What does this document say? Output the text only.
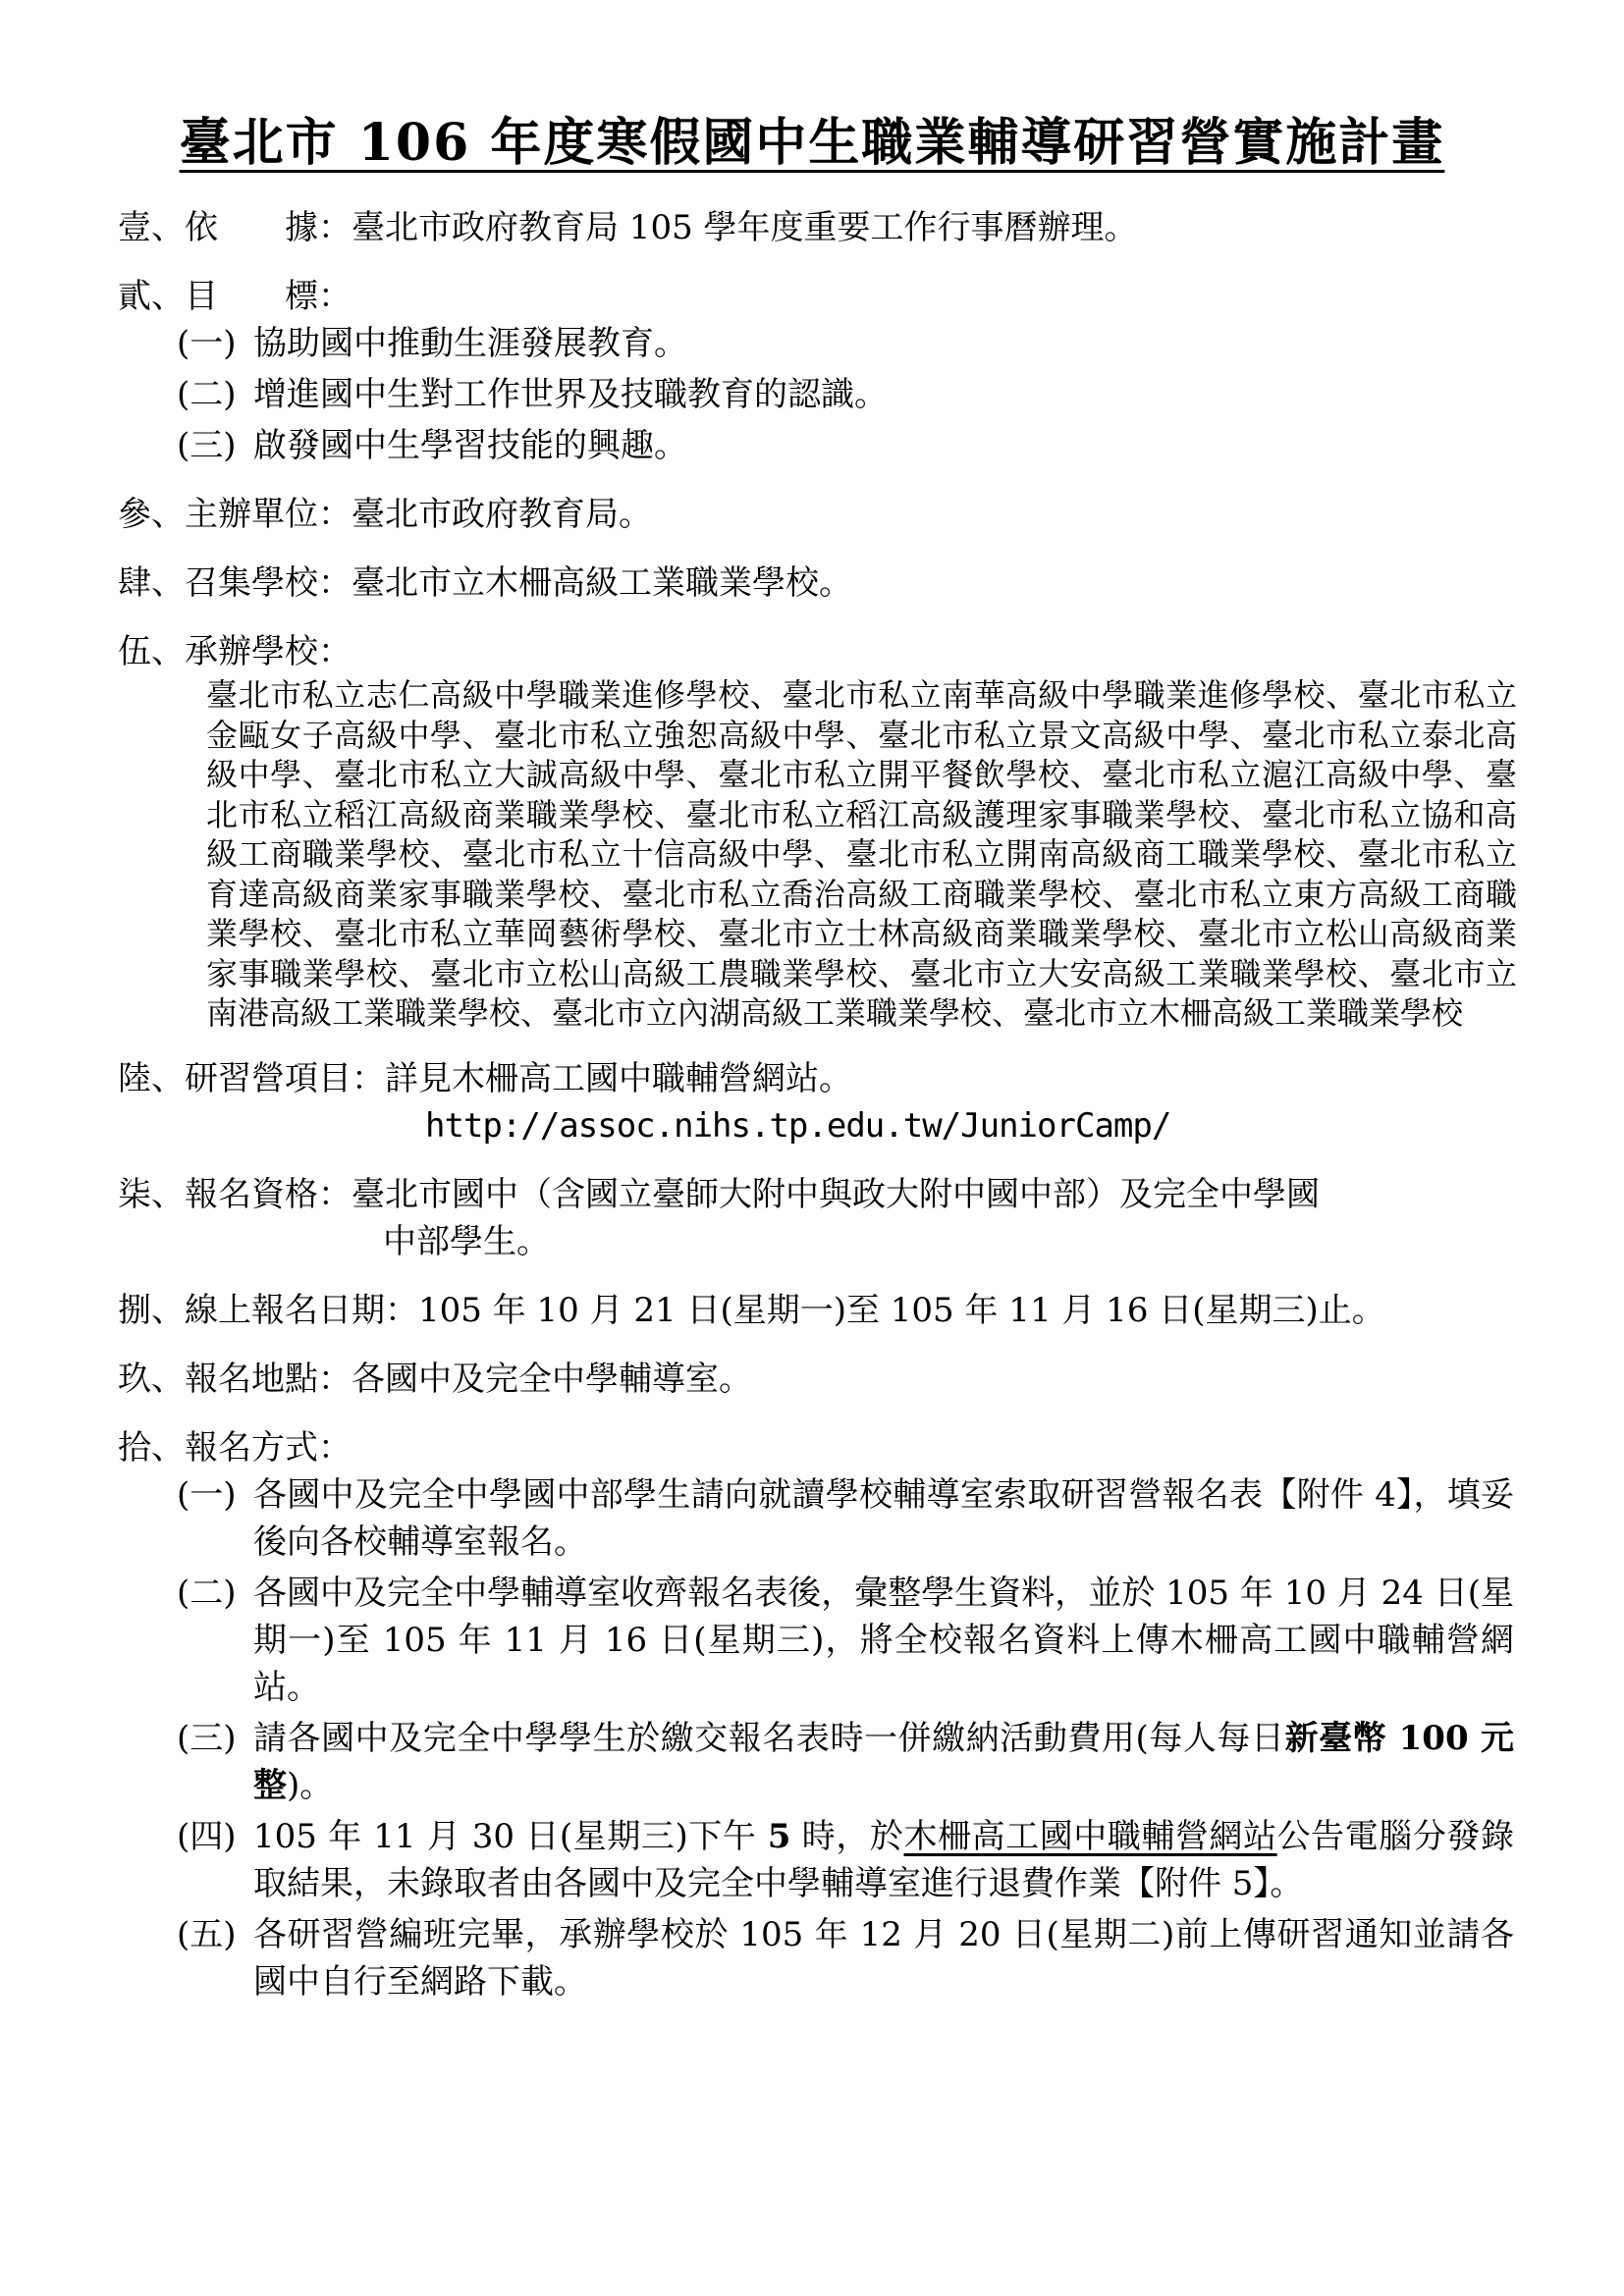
臺北市 106 年度寒假國中生職業輔導研習營實施計畫
壹、依　　據： 臺北市政府教育局 105 學年度重要工作行事曆辦理。
貳、目　　標：
(一) 協助國中推動生涯發展教育。
(二) 增進國中生對工作世界及技職教育的認識。
(三) 啟發國中生學習技能的興趣。
參、主辦單位： 臺北市政府教育局。
肆、召集學校： 臺北市立木柵高級工業職業學校。
伍、承辦學校：
臺北市私立志仁高級中學職業進修學校、臺北市私立南華高級中學職業進修學校、臺北市私立金甌女子高級中學、臺北市私立強恕高級中學、臺北市私立景文高級中學、臺北市私立泰北高級中學、臺北市私立大誠高級中學、臺北市私立開平餐飲學校、臺北市私立滬江高級中學、臺北市私立稻江高級商業職業學校、臺北市私立稻江高級護理家事職業學校、臺北市私立協和高級工商職業學校、臺北市私立十信高級中學、臺北市私立開南高級商工職業學校、臺北市私立育達高級商業家事職業學校、臺北市私立喬治高級工商職業學校、臺北市私立東方高級工商職業學校、臺北市私立華岡藝術學校、臺北市立士林高級商業職業學校、臺北市立松山高級商業家事職業學校、臺北市立松山高級工農職業學校、臺北市立大安高級工業職業學校、臺北市立南港高級工業職業學校、臺北市立內湖高級工業職業學校、臺北市立木柵高級工業職業學校
陸、研習營項目： 詳見木柵高工國中職輔營網站。
http://assoc.nihs.tp.edu.tw/JuniorCamp/
柒、報名資格： 臺北市國中（含國立臺師大附中與政大附中國中部）及完全中學國
中部學生。
捌、線上報名日期： 105 年 10 月 21 日(星期一)至 105 年 11 月 16 日(星期三)止。
玖、報名地點： 各國中及完全中學輔導室。
拾、報名方式：
(一) 各國中及完全中學國中部學生請向就讀學校輔導室索取研習營報名表【附件 4】，填妥後向各校輔導室報名。
(二) 各國中及完全中學輔導室收齊報名表後，彙整學生資料，並於 105 年 10 月 24 日(星期一)至 105 年 11 月 16 日(星期三)，將全校報名資料上傳木柵高工國中職輔營網站。
(三) 請各國中及完全中學學生於繳交報名表時一併繳納活動費用(每人每日新臺幣 100 元整)。
(四) 105 年 11 月 30 日(星期三)下午 5 時，於木柵高工國中職輔營網站公告電腦分發錄取結果，未錄取者由各國中及完全中學輔導室進行退費作業【附件 5】。
(五) 各研習營編班完畢，承辦學校於 105 年 12 月 20 日(星期二)前上傳研習通知並請各國中自行至網路下載。
